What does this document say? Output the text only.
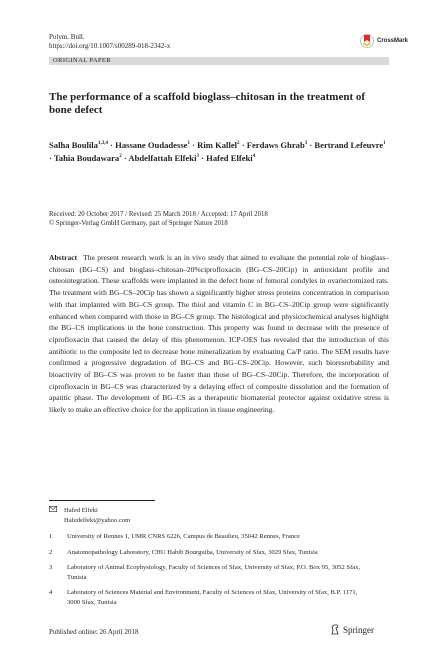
Polym. Bull.
https://doi.org/10.1007/s00289-018-2342-x
CrossMark
ORIGINAL PAPER
The performance of a scaffold bioglass–chitosan in the treatment of bone defect
Salha Boulila$^{1,3,4}$ · Hassane Oudadesse$^1$ · Rim Kallel$^2$ · Ferdaws Ghrab$^3$ · Bertrand Lefeuvre$^1$ · Tahia Boudawara$^2$ · Abdelfattah Elfeki$^3$ · Hafed Elfeki$^4$
Received: 20 October 2017 / Revised: 25 March 2018 / Accepted: 17 April 2018
© Springer-Verlag GmbH Germany, part of Springer Nature 2018
Abstract The present research work is an in vivo study that aimed to evaluate the potential role of bioglass–chitosan (BG–CS) and bioglass–chitosan–20%ciprofloxacin (BG–CS–20Cip) in antioxidant profile and osteointegration. These scaffolds were implanted in the defect bone of femoral condyles in ovariectomized rats. The treatment with BG–CS–20Cip has shown a significantly higher stress proteins concentration in comparison with that implanted with BG–CS group. The thiol and vitamin C in BG–CS–20Cip group were significantly enhanced when compared with those in BG–CS group. The histological and physicochemical analyses highlight the BG–CS implications in the bone construction. This property was found to decrease with the presence of ciprofloxacin that caused the delay of this phenomenon. ICP-OES has revealed that the introduction of this antibiotic to the composite led to decrease bone mineralization by evaluating Ca/P ratio. The SEM results have confirmed a progressive degradation of BG–CS and BG–CS–20Cip. However, such bioresorbability and bioactivity of BG–CS was proven to be faster than those of BG–CS–20Cip. Therefore, the incorporation of ciprofloxacin in BG–CS was characterized by a delaying effect of composite dissolution and the formation of apatitic phase. The development of BG–CS as a therapeutic biomaterial protector against oxidative stress is likely to make an effective choice for the application in tissue engineering.
Hafed Elfeki
Hafedelfeki@yahoo.com
1	University of Rennes 1, UMR CNRS 6226, Campus de Beaulieu, 35042 Rennes, France
2	Anatomopathology Laboratory, CHU Habib Bourguiba, University of Sfax, 3029 Sfax, Tunisia
3	Laboratory of Animal Ecophysiology, Faculty of Sciences of Sfax, University of Sfax, P.O. Box 95, 3052 Sfax, Tunisia
4	Laboratory of Sciences Material and Environment, Faculty of Sciences of Sfax, University of Sfax, B.P. 1171, 3000 Sfax, Tunisia
Published online: 26 April 2018	Springer
